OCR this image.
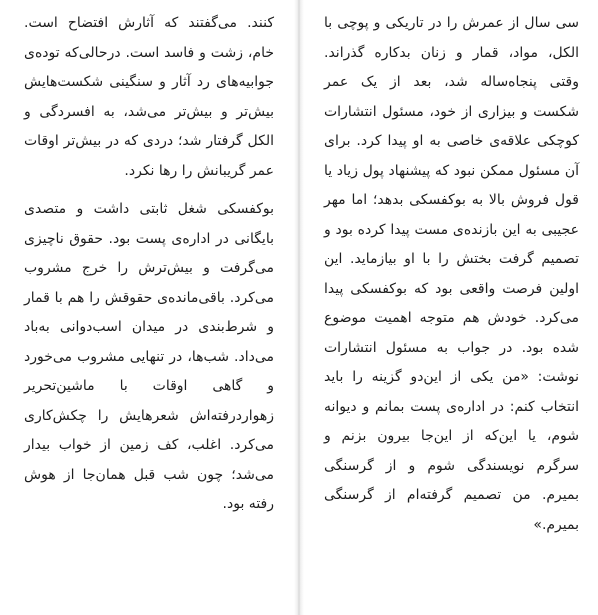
کنند. می‌گفتند که آثارش افتضاح است. خام، زشت و فاسد است. درحالی‌که توده‌ی جوابیه‌های رد آثار و سنگینی شکست‌هایش بیش‌تر و بیش‌تر می‌شد، به افسردگی و الکل گرفتار شد؛ دردی که در بیش‌تر اوقات عمر گریبانش را رها نکرد.

بوکفسکی شغل ثابتی داشت و متصدی بایگانی در اداره‌ی پست بود. حقوق ناچیزی می‌گرفت و بیش‌ترش را خرج مشروب می‌کرد. باقی‌مانده‌ی حقوقش را هم با قمار و شرط‌بندی در میدان اسب‌دوانی به‌باد می‌داد. شب‌ها، در تنهایی مشروب می‌خورد و گاهی اوقات با ماشین‌تحریر زهواردرفته‌اش شعرهایش را چکش‌کاری می‌کرد. اغلب، کف زمین از خواب بیدار می‌شد؛ چون شب قبل همان‌جا از هوش رفته بود.

سی سال از عمرش را در تاریکی و پوچی با الکل، مواد، قمار و زنان بدکاره گذراند. وقتی پنجاه‌ساله شد، بعد از یک عمر شکست و بیزاری از خود، مسئول انتشارات کوچکی علاقه‌ی خاصی به او پیدا کرد. برای آن مسئول ممکن نبود که پیشنهاد پول زیاد یا قول فروش بالا به بوکفسکی بدهد؛ اما مهر عجیبی به این بازنده‌ی مست پیدا کرده بود و تصمیم گرفت بختش را با او بیازماید. این اولین فرصت واقعی بود که بوکفسکی پیدا می‌کرد. خودش هم متوجه اهمیت موضوع شده بود. در جواب به مسئول انتشارات نوشت: «من یکی از این‌دو گزینه را باید انتخاب کنم: در اداره‌ی پست بمانم و دیوانه شوم، یا این‌که از این‌جا بیرون بزنم و سرگرم نویسندگی شوم و از گرسنگی بمیرم. من تصمیم گرفته‌ام از گرسنگی بمیرم.»
